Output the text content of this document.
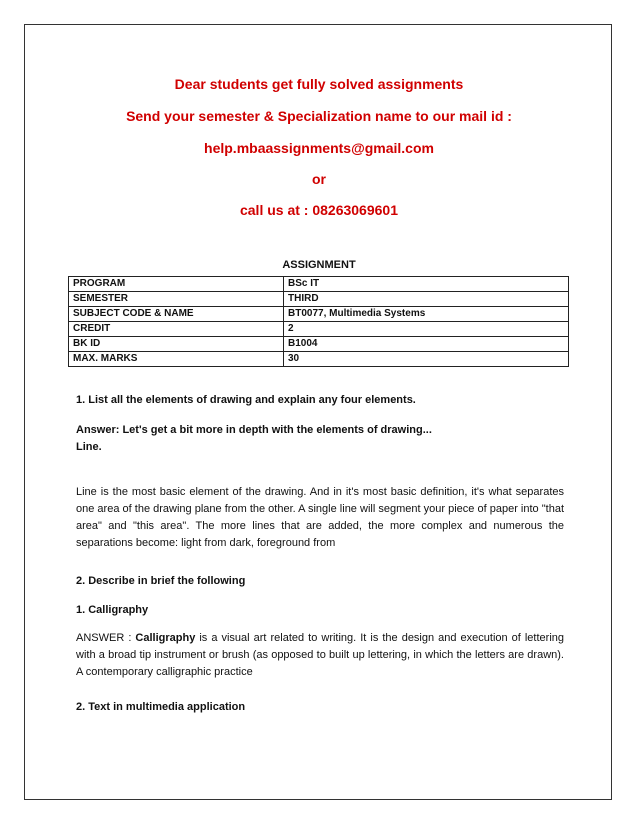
Dear students get fully solved assignments
Send your semester & Specialization name to our mail id :
help.mbaassignments@gmail.com
or
call us at : 08263069601
ASSIGNMENT
PROGRAM	BSc IT
SEMESTER	THIRD
SUBJECT CODE & NAME	BT0077, Multimedia Systems
CREDIT	2
BK ID	B1004
MAX. MARKS	30
1. List all the elements of drawing and explain any four elements.
Answer: Let's get a bit more in depth with the elements of drawing...
Line.
Line is the most basic element of the drawing. And in it's most basic definition, it's what separates one area of the drawing plane from the other. A single line will segment your piece of paper into "that area" and "this area". The more lines that are added, the more complex and numerous the separations become: light from dark, foreground from
2. Describe in brief the following
1. Calligraphy
ANSWER : Calligraphy is a visual art related to writing. It is the design and execution of lettering with a broad tip instrument or brush (as opposed to built up lettering, in which the letters are drawn). A contemporary calligraphic practice
2. Text in multimedia application
